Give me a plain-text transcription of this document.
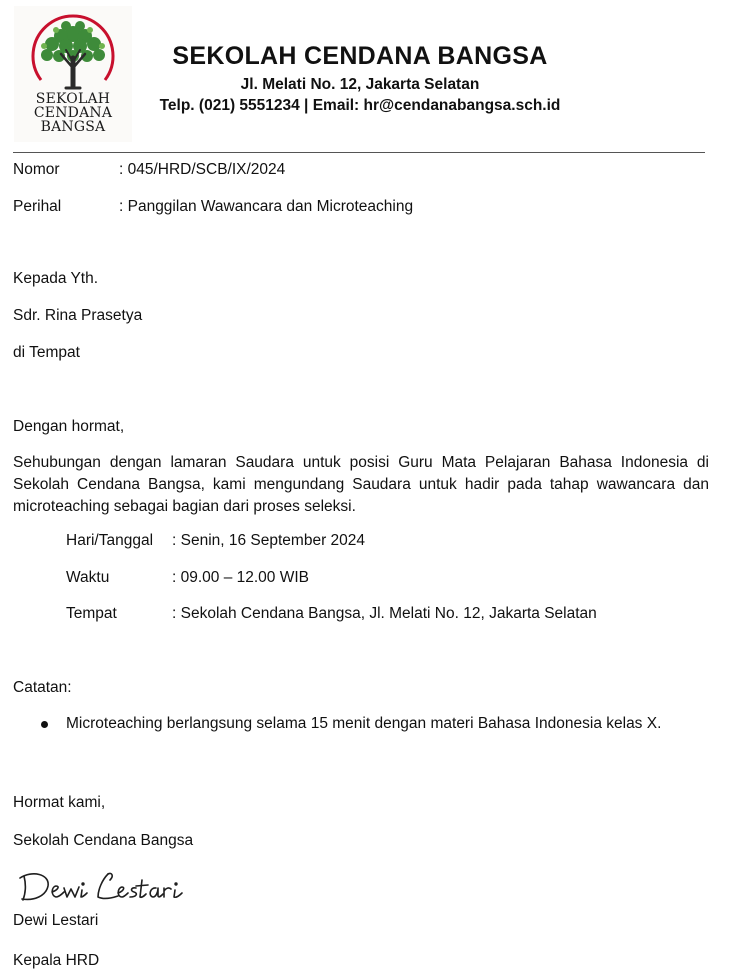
SEKOLAH
CENDANA
BANGSA
SEKOLAH CENDANA BANGSA
Jl. Melati No. 12, Jakarta Selatan
Telp. (021) 5551234 | Email: hr@cendanabangsa.sch.id
Nomor	: 045/HRD/SCB/IX/2024
Perihal	: Panggilan Wawancara dan Microteaching
Kepada Yth.
Sdr. Rina Prasetya
di Tempat
Dengan hormat,
Sehubungan dengan lamaran Saudara untuk posisi Guru Mata Pelajaran Bahasa Indonesia di Sekolah Cendana Bangsa, kami mengundang Saudara untuk hadir pada tahap wawancara dan microteaching sebagai bagian dari proses seleksi.
Hari/Tanggal : Senin, 16 September 2024
Waktu	: 09.00 – 12.00 WIB
Tempat	: Sekolah Cendana Bangsa, Jl. Melati No. 12, Jakarta Selatan
Catatan:
Microteaching berlangsung selama 15 menit dengan materi Bahasa Indonesia kelas X.
Hormat kami,
Sekolah Cendana Bangsa
Dewi Lestari
Kepala HRD
